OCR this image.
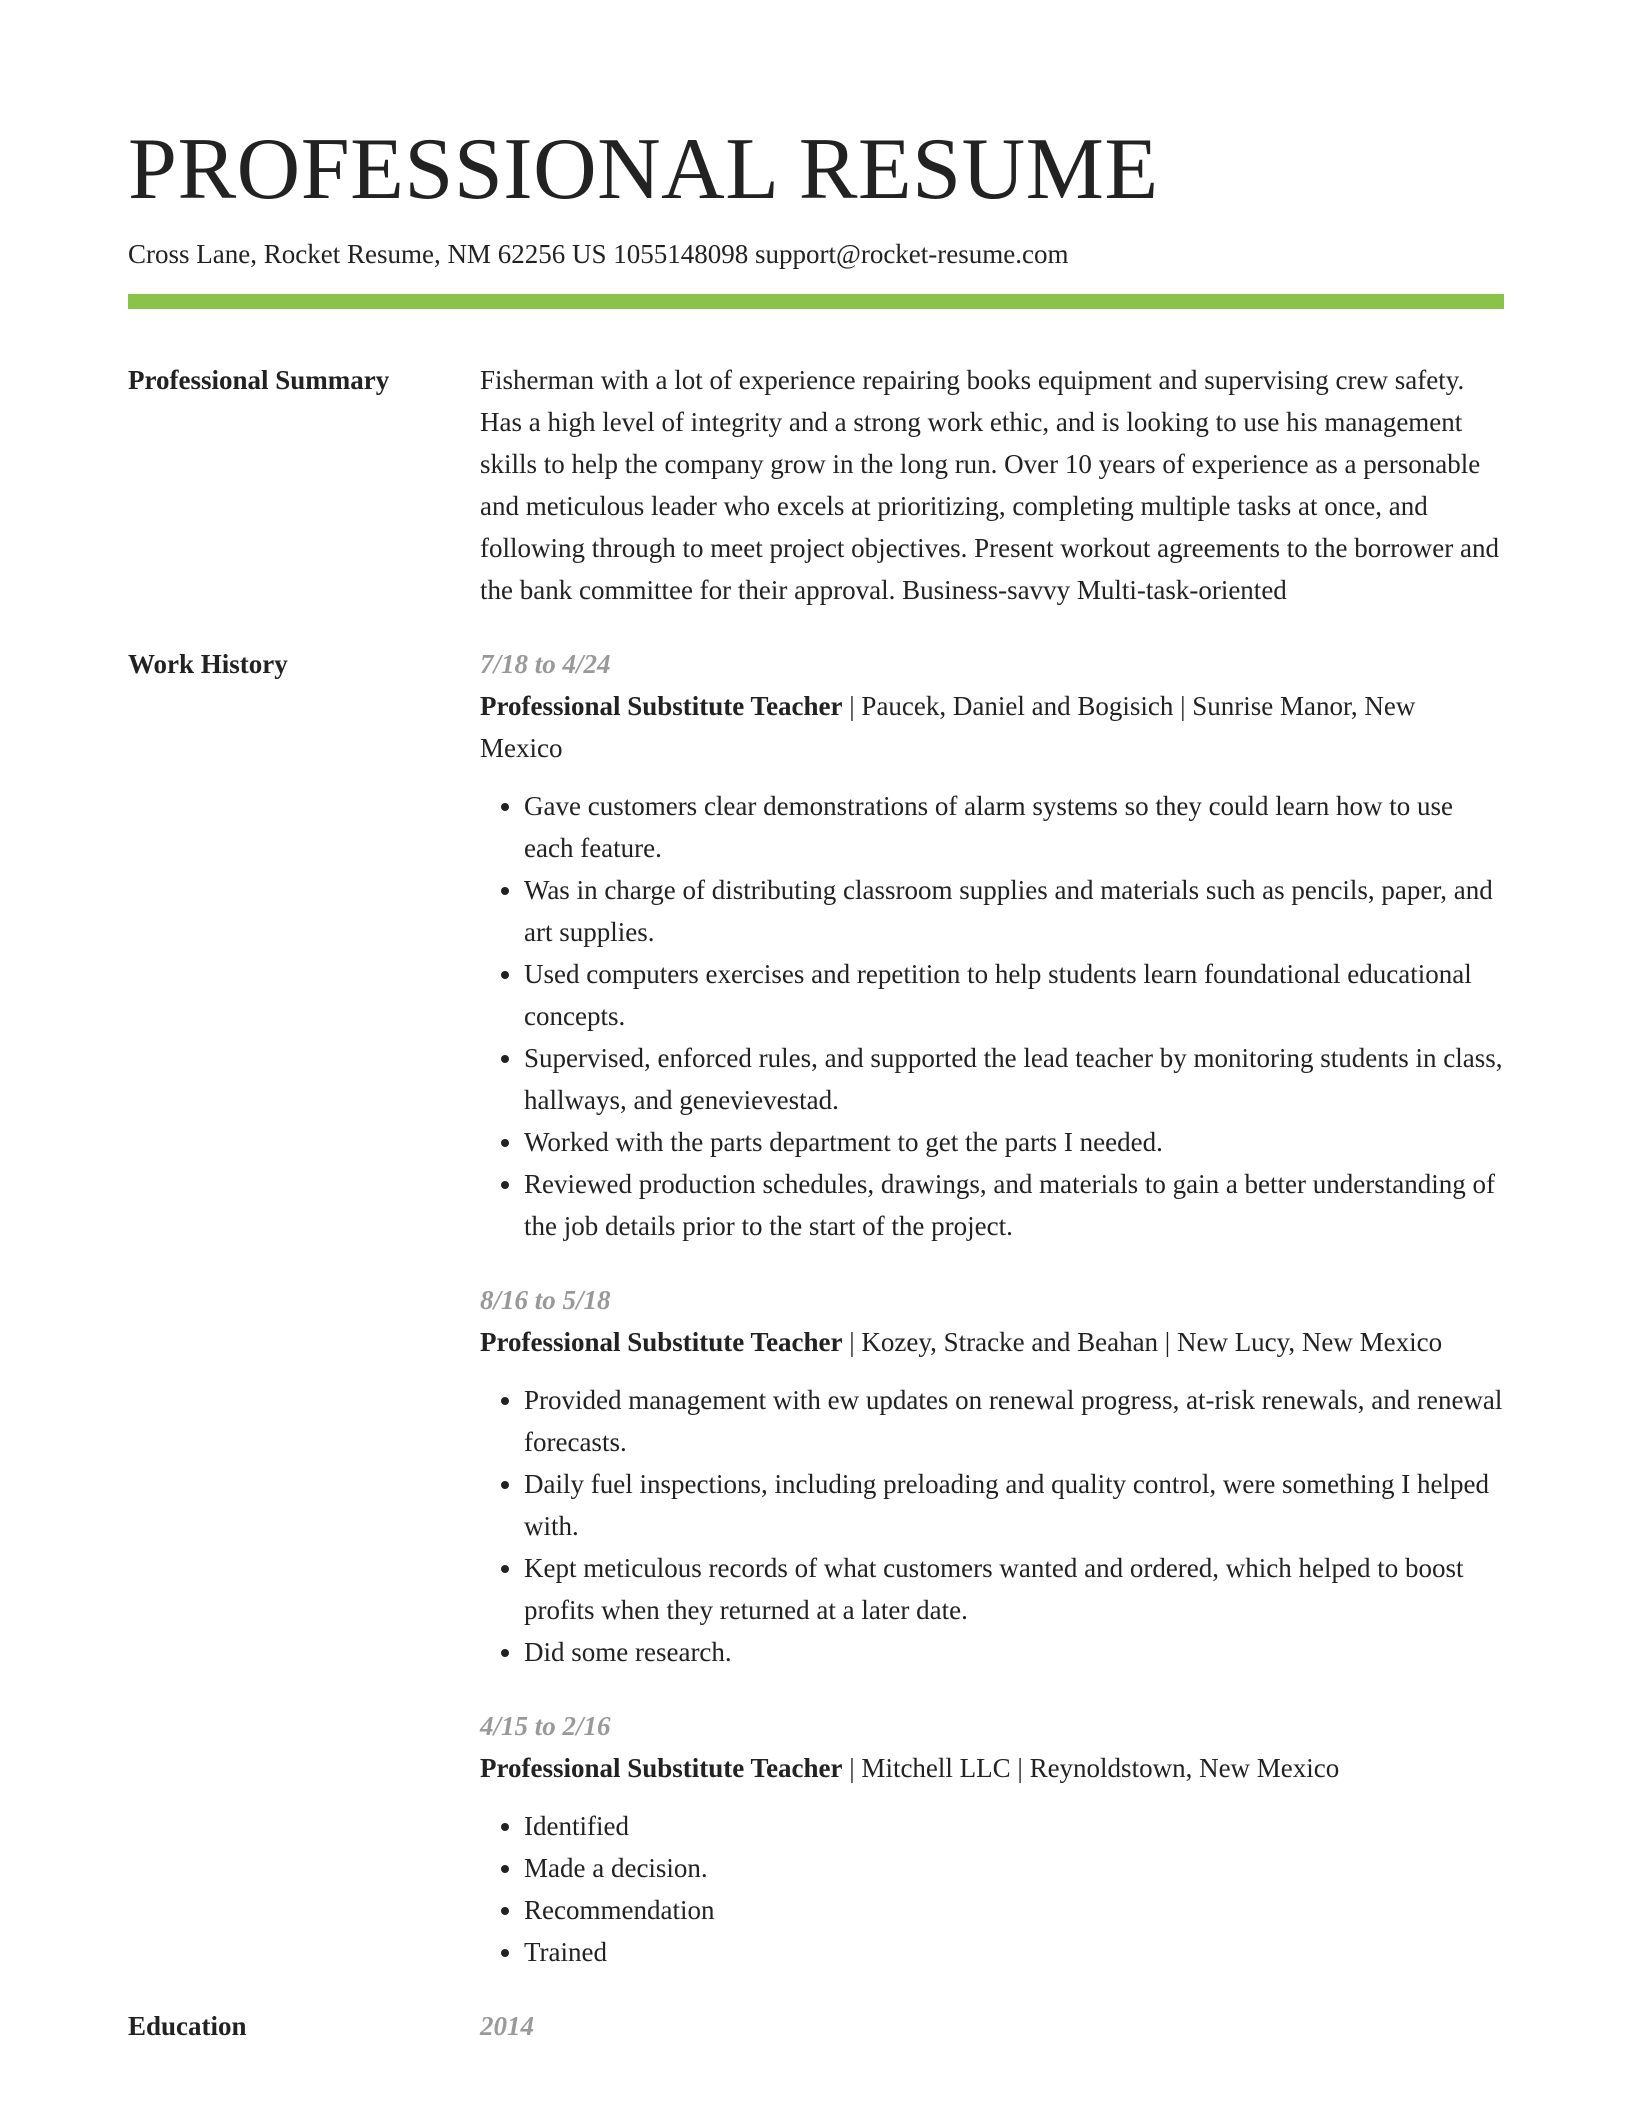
PROFESSIONAL RESUME
Cross Lane, Rocket Resume, NM 62256 US 1055148098 support@rocket-resume.com
Professional Summary	Fisherman with a lot of experience repairing books equipment and supervising crew safety. Has a high level of integrity and a strong work ethic, and is looking to use his management skills to help the company grow in the long run. Over 10 years of experience as a personable and meticulous leader who excels at prioritizing, completing multiple tasks at once, and following through to meet project objectives. Present workout agreements to the borrower and the bank committee for their approval. Business-savvy Multi-task-oriented

Work History	7/18 to 4/24

Professional Substitute Teacher | Paucek, Daniel and Bogisich | Sunrise Manor, New Mexico

• Gave customers clear demonstrations of alarm systems so they could learn how to use each feature.
• Was in charge of distributing classroom supplies and materials such as pencils, paper, and art supplies.
• Used computers exercises and repetition to help students learn foundational educational concepts.
• Supervised, enforced rules, and supported the lead teacher by monitoring students in class, hallways, and genevievestad.
• Worked with the parts department to get the parts I needed.
• Reviewed production schedules, drawings, and materials to gain a better understanding of the job details prior to the start of the project.
8/16 to 5/18

Professional Substitute Teacher | Kozey, Stracke and Beahan | New Lucy, New Mexico

• Provided management with ew updates on renewal progress, at-risk renewals, and renewal forecasts.
• Daily fuel inspections, including preloading and quality control, were something I helped with.
• Kept meticulous records of what customers wanted and ordered, which helped to boost profits when they returned at a later date.
• Did some research.
4/15 to 2/16

Professional Substitute Teacher | Mitchell LLC | Reynoldstown, New Mexico

• Identified
• Made a decision.
• Recommendation
• Trained
Education	2014
